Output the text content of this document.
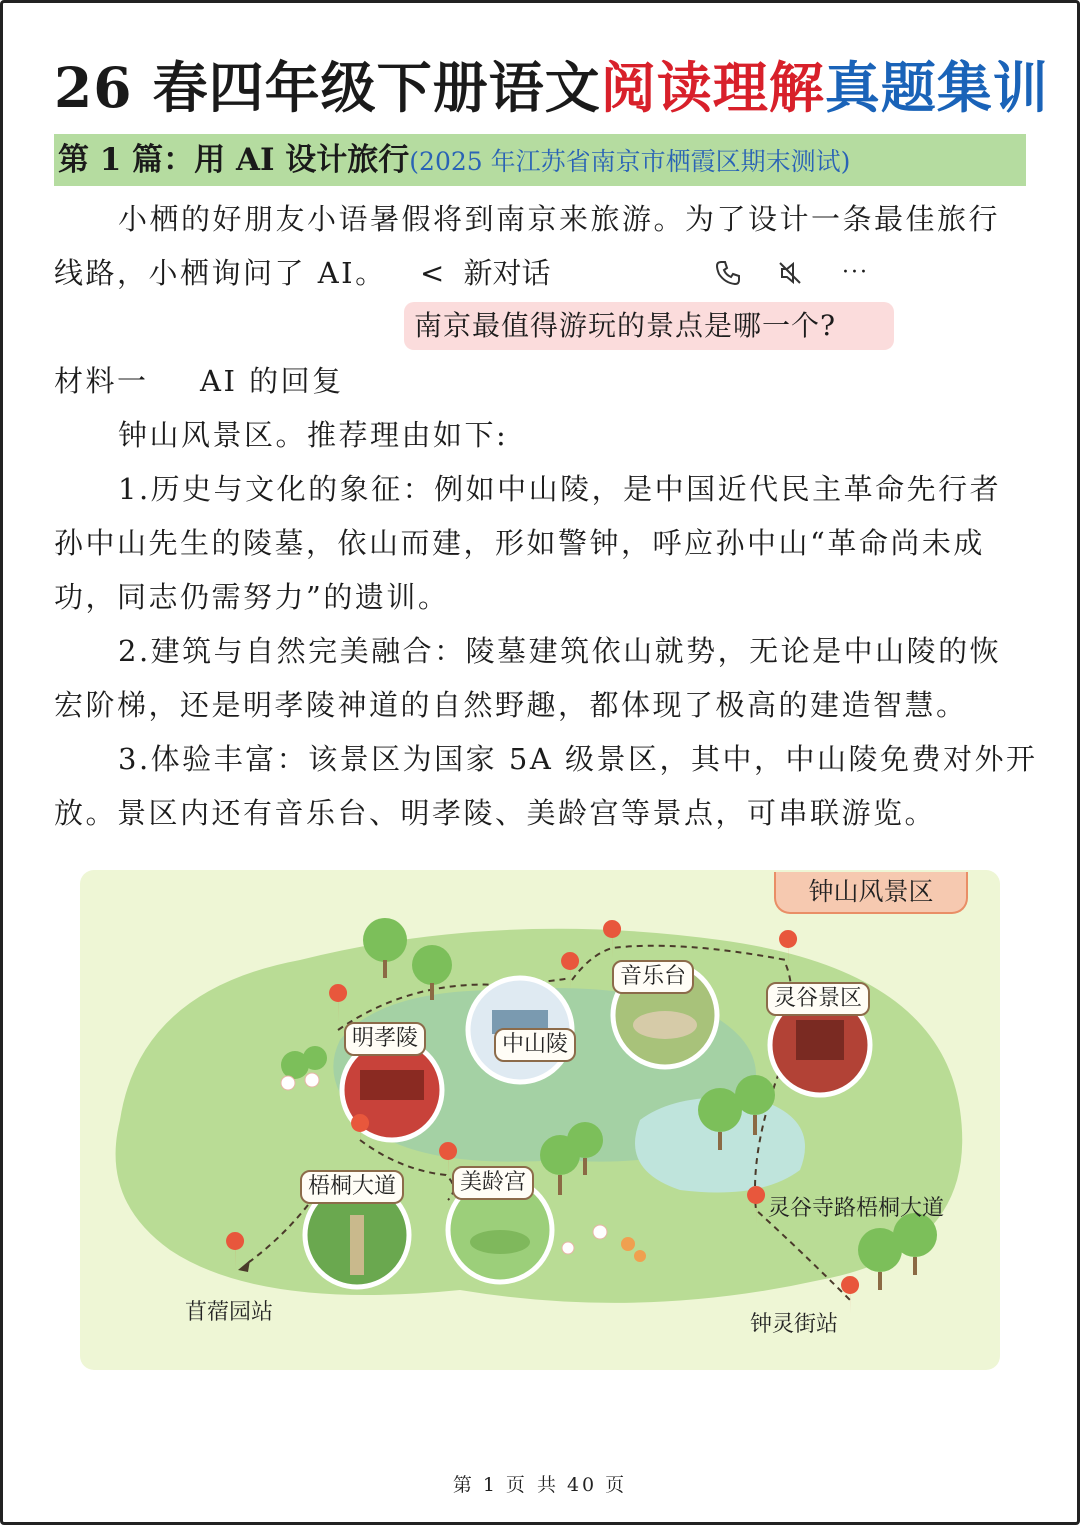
26 春四年级下册语文阅读理解真题集训
第 1 篇：用 AI 设计旅行(2025 年江苏省南京市栖霞区期末测试)
小栖的好朋友小语暑假将到南京来旅游。为了设计一条最佳旅行
线路，小栖询问了 AI。 < 新对话	···
南京最值得游玩的景点是哪一个?
材料一 AI 的回复
钟山风景区。推荐理由如下:
1.历史与文化的象征：例如中山陵，是中国近代民主革命先行者
孙中山先生的陵墓，依山而建，形如警钟，呼应孙中山“革命尚未成
功，同志仍需努力”的遗训。
2.建筑与自然完美融合：陵墓建筑依山就势，无论是中山陵的恢
宏阶梯，还是明孝陵神道的自然野趣，都体现了极高的建造智慧。
3.体验丰富：该景区为国家 5A 级景区，其中，中山陵免费对外开
放。景区内还有音乐台、明孝陵、美龄宫等景点，可串联游览。
钟山风景区
明孝陵	中山陵
音乐台
灵谷景区
梧桐大道	美龄宫
灵谷寺路梧桐大道
苜蓿园站	钟灵街站
第 1 页 共 40 页
